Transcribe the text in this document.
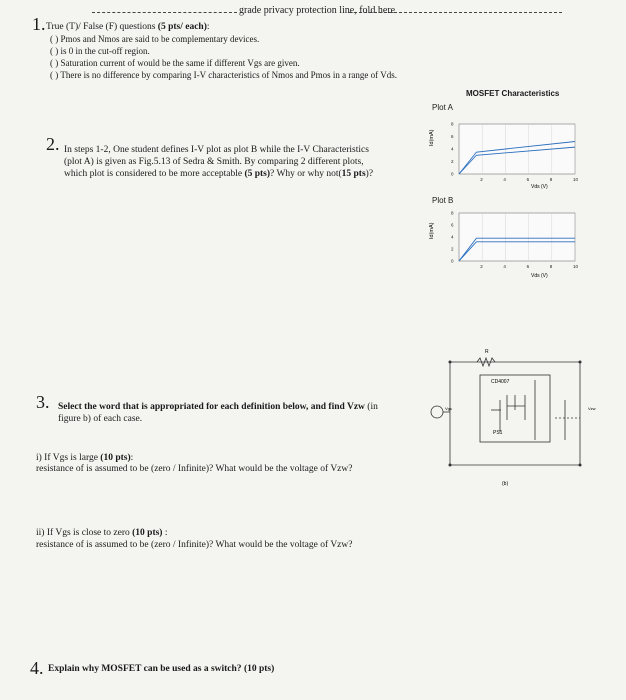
grade privacy protection line, fold here
1. True (T)/ False (F) questions (5 pts/ each):
( ) Pmos and Nmos are said to be complementary devices.
( ) is 0 in the cut-off region.
( ) Saturation current of would be the same if different Vgs are given.
( ) There is no difference by comparing I-V characteristics of Nmos and Pmos in a range of Vds.
MOSFET Characteristics
Plot A
Id(mA)
2	4	6	8	10
0
2
4
6
8
Vds (V)
Plot B
Id(mA)
2	4	6	8	10
0
2
4
6
8
Vds (V)
2. In steps 1-2, One student defines I-V plot as plot B while the I-V Characteristics
(plot A) is given as Fig.5.13 of Sedra & Smith. By comparing 2 different plots,
which plot is considered to be more acceptable (5 pts)? Why or why not(15 pts)?
R
CD4007
PS1
Vgs	Vzw
(b)
3. Select the word that is appropriated for each definition below, and find Vzw (in
figure b) of each case.
i) If Vgs is large (10 pts):
resistance of is assumed to be (zero / Infinite)? What would be the voltage of Vzw?
ii) If Vgs is close to zero (10 pts) :
resistance of is assumed to be (zero / Infinite)? What would be the voltage of Vzw?
4. Explain why MOSFET can be used as a switch? (10 pts)
